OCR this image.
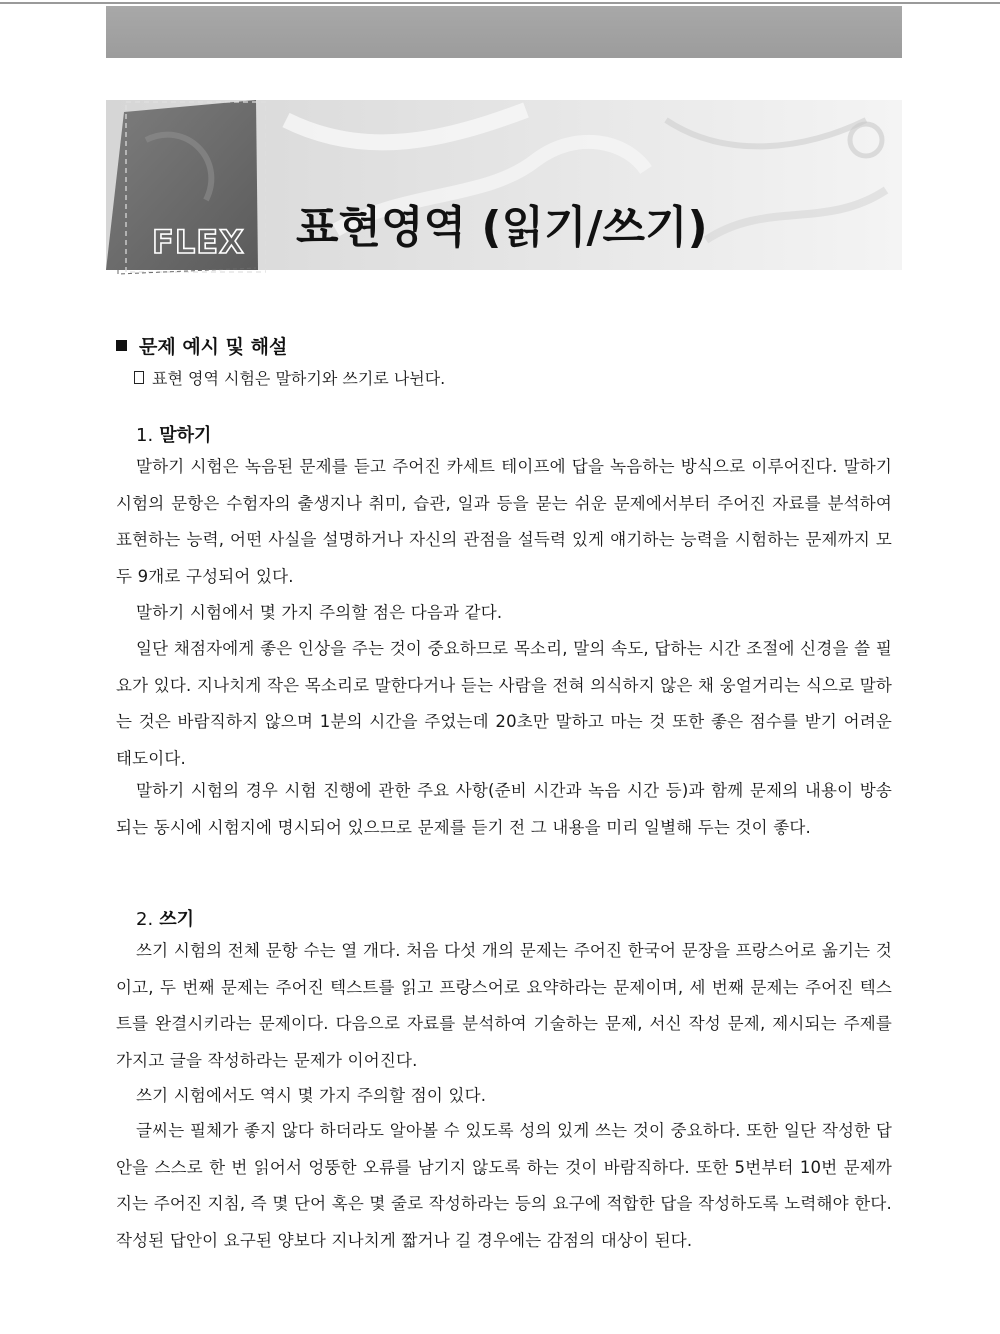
FLEX 표현영역 (읽기/쓰기)
문제 예시 및 해설
표현 영역 시험은 말하기와 쓰기로 나뉜다.
1. 말하기

말하기 시험은 녹음된 문제를 듣고 주어진 카세트 테이프에 답을 녹음하는 방식으로 이루어진다. 말하기 시험의 문항은 수험자의 출생지나 취미, 습관, 일과 등을 묻는 쉬운 문제에서부터 주어진 자료를 분석하여 표현하는 능력, 어떤 사실을 설명하거나 자신의 관점을 설득력 있게 얘기하는 능력을 시험하는 문제까지 모두 9개로 구성되어 있다.

말하기 시험에서 몇 가지 주의할 점은 다음과 같다.

일단 채점자에게 좋은 인상을 주는 것이 중요하므로 목소리, 말의 속도, 답하는 시간 조절에 신경을 쓸 필요가 있다. 지나치게 작은 목소리로 말한다거나 듣는 사람을 전혀 의식하지 않은 채 웅얼거리는 식으로 말하는 것은 바람직하지 않으며 1분의 시간을 주었는데 20초만 말하고 마는 것 또한 좋은 점수를 받기 어려운 태도이다.

말하기 시험의 경우 시험 진행에 관한 주요 사항(준비 시간과 녹음 시간 등)과 함께 문제의 내용이 방송되는 동시에 시험지에 명시되어 있으므로 문제를 듣기 전 그 내용을 미리 일별해 두는 것이 좋다.

2. 쓰기

쓰기 시험의 전체 문항 수는 열 개다. 처음 다섯 개의 문제는 주어진 한국어 문장을 프랑스어로 옮기는 것이고, 두 번째 문제는 주어진 텍스트를 읽고 프랑스어로 요약하라는 문제이며, 세 번째 문제는 주어진 텍스트를 완결시키라는 문제이다. 다음으로 자료를 분석하여 기술하는 문제, 서신 작성 문제, 제시되는 주제를 가지고 글을 작성하라는 문제가 이어진다.

쓰기 시험에서도 역시 몇 가지 주의할 점이 있다.

글씨는 필체가 좋지 않다 하더라도 알아볼 수 있도록 성의 있게 쓰는 것이 중요하다. 또한 일단 작성한 답안을 스스로 한 번 읽어서 엉뚱한 오류를 남기지 않도록 하는 것이 바람직하다. 또한 5번부터 10번 문제까지는 주어진 지침, 즉 몇 단어 혹은 몇 줄로 작성하라는 등의 요구에 적합한 답을 작성하도록 노력해야 한다. 작성된 답안이 요구된 양보다 지나치게 짧거나 길 경우에는 감점의 대상이 된다.
